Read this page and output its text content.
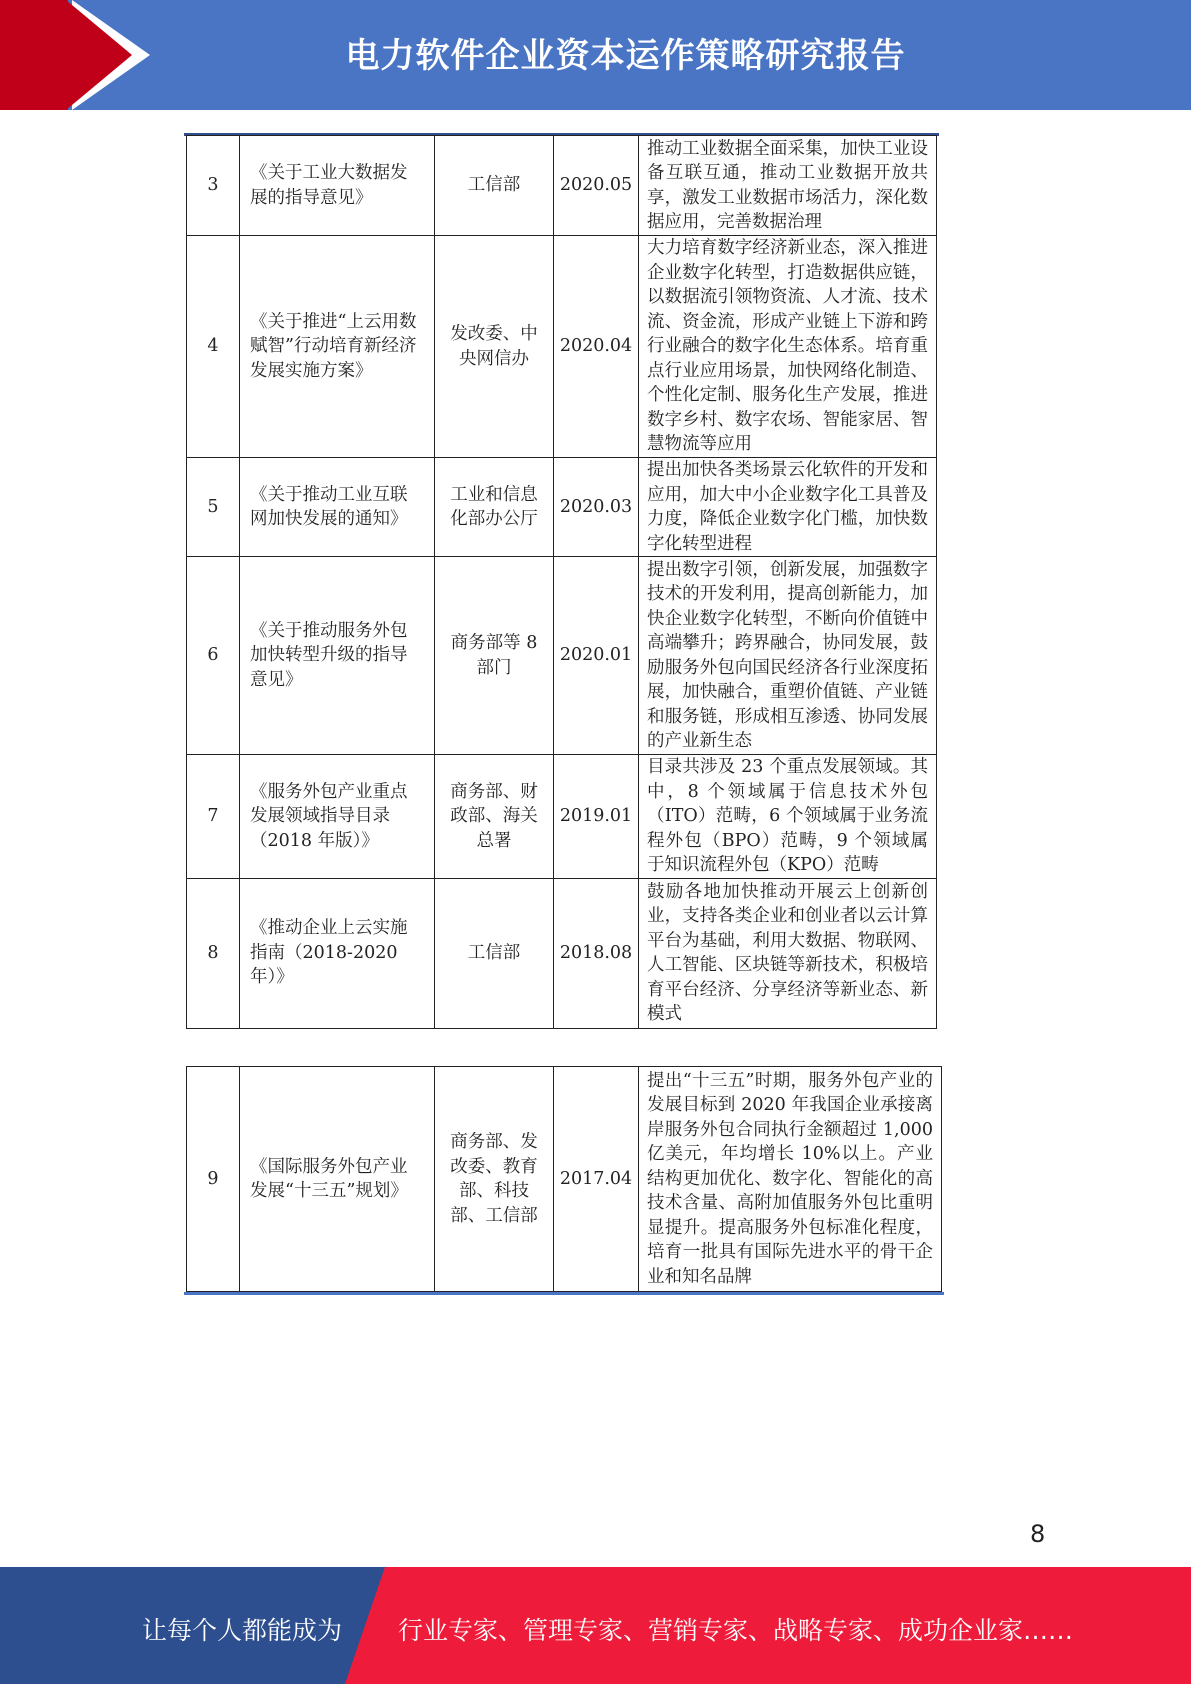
电力软件企业资本运作策略研究报告
3	《关于工业大数据发展的指导意见》	工信部	2020.05	推动工业数据全面采集，加快工业设备互联互通，推动工业数据开放共享，激发工业数据市场活力，深化数据应用，完善数据治理
4	《关于推进“上云用数赋智”行动培育新经济发展实施方案》	发改委、中央网信办	2020.04	大力培育数字经济新业态，深入推进企业数字化转型，打造数据供应链，以数据流引领物资流、人才流、技术流、资金流，形成产业链上下游和跨行业融合的数字化生态体系。培育重点行业应用场景，加快网络化制造、个性化定制、服务化生产发展，推进数字乡村、数字农场、智能家居、智慧物流等应用
5	《关于推动工业互联网加快发展的通知》	工业和信息化部办公厅	2020.03	提出加快各类场景云化软件的开发和应用，加大中小企业数字化工具普及力度，降低企业数字化门槛，加快数字化转型进程
6	《关于推动服务外包加快转型升级的指导意见》	商务部等 8 部门	2020.01	提出数字引领，创新发展，加强数字技术的开发利用，提高创新能力，加快企业数字化转型，不断向价值链中高端攀升；跨界融合，协同发展，鼓励服务外包向国民经济各行业深度拓展，加快融合，重塑价值链、产业链和服务链，形成相互渗透、协同发展的产业新生态
7	《服务外包产业重点发展领域指导目录（2018 年版）》	商务部、财政部、海关总署	2019.01	目录共涉及 23 个重点发展领域。其中，8 个领域属于信息技术外包（ITO）范畴，6 个领域属于业务流程外包（BPO）范畴，9 个领域属于知识流程外包（KPO）范畴
8	《推动企业上云实施指南（2018-2020 年）》	工信部	2018.08	鼓励各地加快推动开展云上创新创业，支持各类企业和创业者以云计算平台为基础，利用大数据、物联网、人工智能、区块链等新技术，积极培育平台经济、分享经济等新业态、新模式
9	《国际服务外包产业发展“十三五”规划》	商务部、发改委、教育部、科技部、工信部	2017.04	提出“十三五”时期，服务外包产业的发展目标到 2020 年我国企业承接离岸服务外包合同执行金额超过 1,000 亿美元，年均增长 10%以上。产业结构更加优化、数字化、智能化的高技术含量、高附加值服务外包比重明显提升。提高服务外包标准化程度，培育一批具有国际先进水平的骨干企业和知名品牌
8
让每个人都能成为 行业专家、管理专家、营销专家、战略专家、成功企业家……
